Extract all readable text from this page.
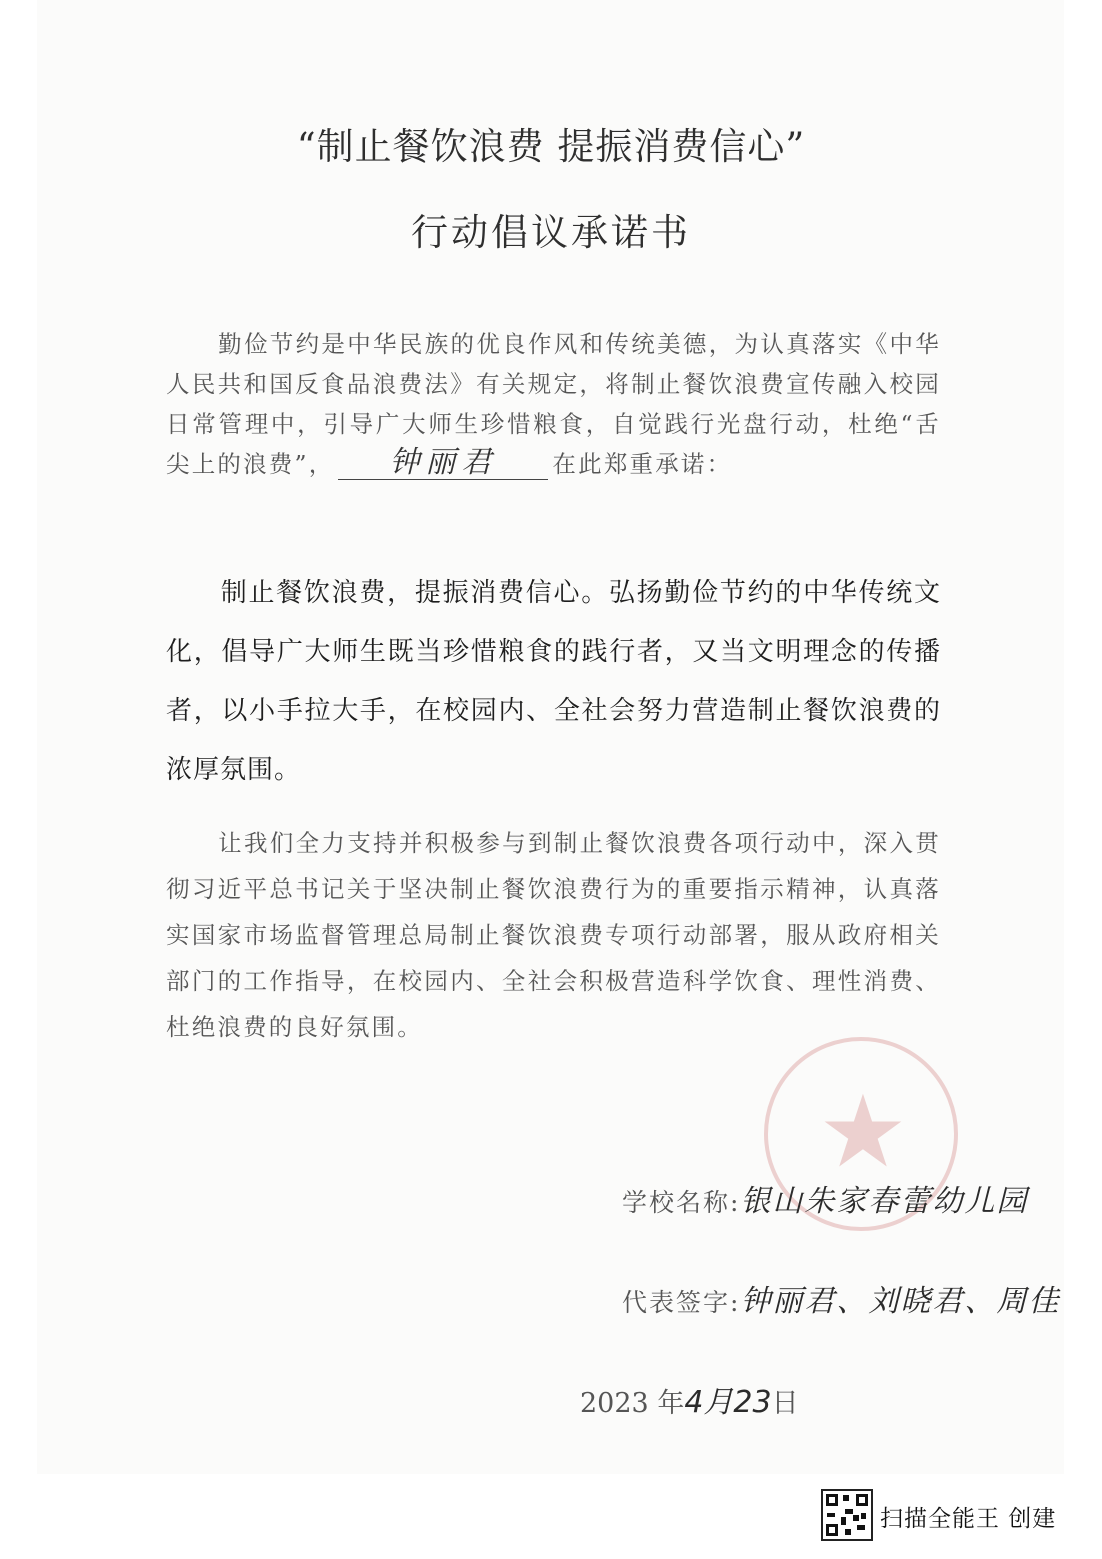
“制止餐饮浪费 提振消费信心”
行动倡议承诺书
勤俭节约是中华民族的优良作风和传统美德，为认真落实《中华人民共和国反食品浪费法》有关规定，将制止餐饮浪费宣传融入校园日常管理中，引导广大师生珍惜粮食，自觉践行光盘行动，杜绝“舌尖上的浪费”， 钟丽君 在此郑重承诺：
制止餐饮浪费，提振消费信心。弘扬勤俭节约的中华传统文化，倡导广大师生既当珍惜粮食的践行者，又当文明理念的传播者，以小手拉大手，在校园内、全社会努力营造制止餐饮浪费的浓厚氛围。
让我们全力支持并积极参与到制止餐饮浪费各项行动中，深入贯彻习近平总书记关于坚决制止餐饮浪费行为的重要指示精神，认真落实国家市场监督管理总局制止餐饮浪费专项行动部署，服从政府相关部门的工作指导，在校园内、全社会积极营造科学饮食、理性消费、杜绝浪费的良好氛围。
★
学校名称:银山朱家春蕾幼儿园
代表签字:钟丽君、刘晓君、周佳
2023 年4月23日
扫描全能王 创建
